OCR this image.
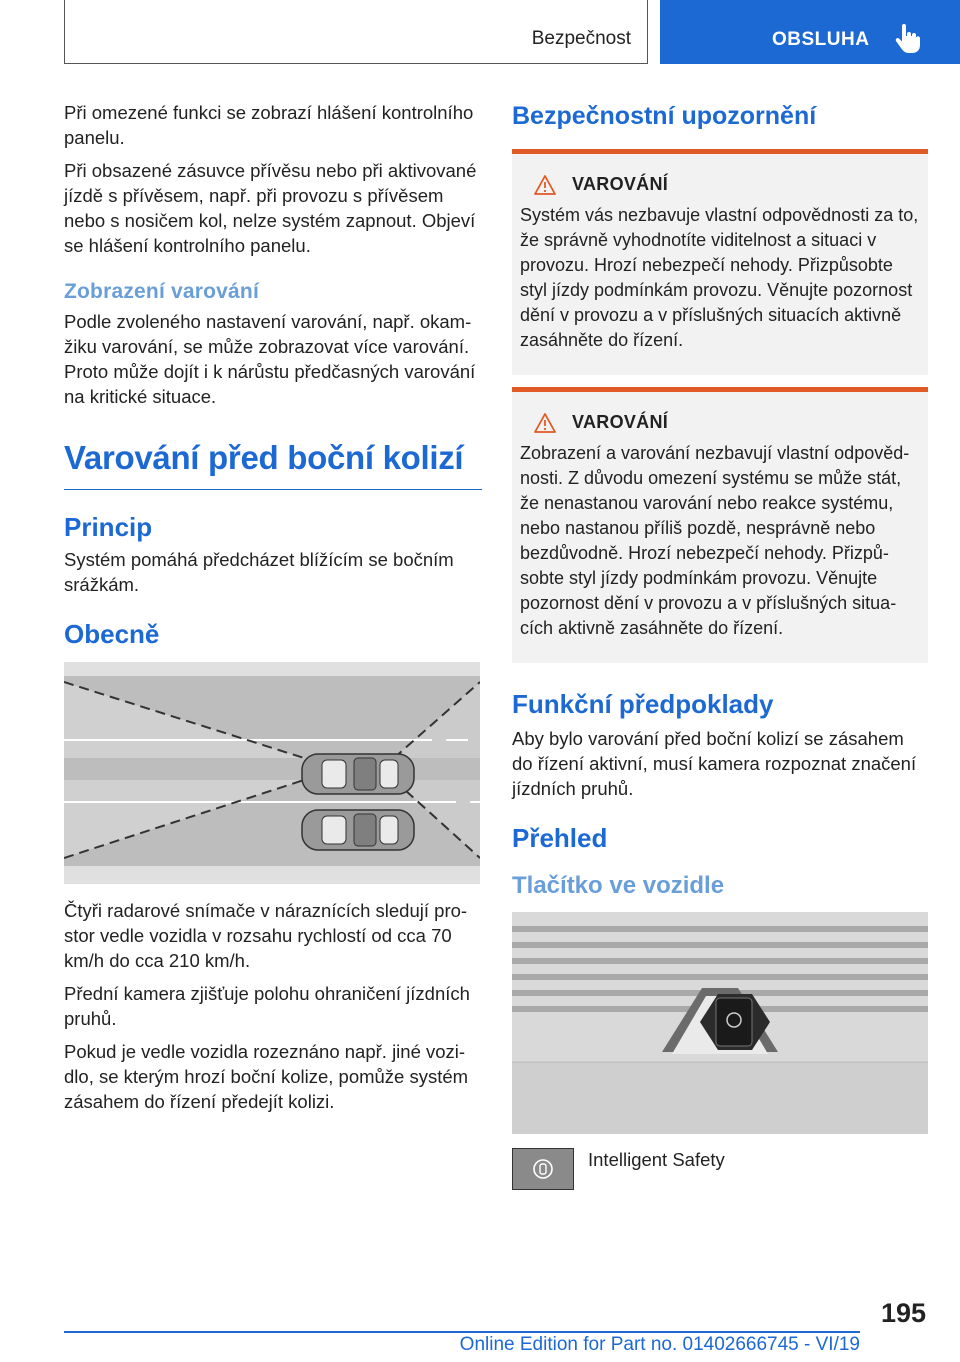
Bezpečnost	OBSLUHA

Při omezené funkci se zobrazí hlášení kontrolního panelu.

Při obsazené zásuvce přívěsu nebo při aktivované jízdě s přívěsem, např. při provozu s přívěsem nebo s nosičem kol, nelze systém zapnout. Objeví se hlášení kontrolního panelu.

Zobrazení varování

Podle zvoleného nastavení varování, např. okamžiku varování, se může zobrazovat více varování. Proto může dojít i k nárůstu předčasných varování na kritické situace.

Varování před boční kolizí
Princip

Systém pomáhá předcházet blížícím se bočním srážkám.

Obecně

Čtyři radarové snímače v náraznících sledují prostor vedle vozidla v rozsahu rychlostí od cca 70 km/h do cca 210 km/h.

Přední kamera zjišťuje polohu ohraničení jízdních pruhů.

Pokud je vedle vozidla rozeznáno např. jiné vozidlo, se kterým hrozí boční kolize, pomůže systém zásahem do řízení předejít kolizi.

Bezpečnostní upozornění
VAROVÁNÍ

Systém vás nezbavuje vlastní odpovědnosti za to, že správně vyhodnotíte viditelnost a situaci v provozu. Hrozí nebezpečí nehody. Přizpůsobte styl jízdy podmínkám provozu. Věnujte pozornost dění v provozu a v příslušných situacích aktivně zasáhněte do řízení.

VAROVÁNÍ

Zobrazení a varování nezbavují vlastní odpovědnosti. Z důvodu omezení systému se může stát, že nenastanou varování nebo reakce systému, nebo nastanou příliš pozdě, nesprávně nebo bezdůvodně. Hrozí nebezpečí nehody. Přizpůsobte styl jízdy podmínkám provozu. Věnujte pozornost dění v provozu a v příslušných situacích aktivně zasáhněte do řízení.

Funkční předpoklady

Aby bylo varování před boční kolizí se zásahem do řízení aktivní, musí kamera rozpoznat značení jízdních pruhů.

Přehled
Tlačítko ve vozidle
Intelligent Safety
195
Online Edition for Part no. 01402666745 - VI/19
